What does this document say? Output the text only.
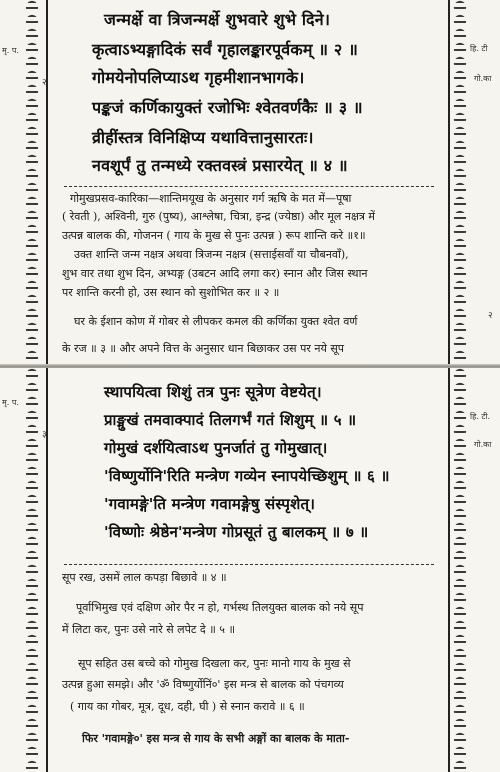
मृ. प.
२
हि. टी
गो.का
२
जन्मर्क्षे वा त्रिजन्मर्क्षे शुभवारे शुभे दिने।
कृत्वाऽभ्यङ्गादिकं सर्वं गृहालङ्कारपूर्वकम् ॥ २ ॥
गोमयेनोपलिप्याऽथ गृहमीशानभागके।
पङ्कजं कर्णिकायुक्तं रजोभिः श्वेतवर्णकैः ॥ ३ ॥
व्रीहींस्तत्र विनिक्षिप्य यथावित्तानुसारतः।
नवशूर्पं तु तन्मध्ये रक्तवस्त्रं प्रसारयेत् ॥ ४ ॥
गोमुखप्रसव-कारिका—शान्तिमयूख के अनुसार गर्ग ऋषि के मत में—पूषा
( रेवती ), अश्विनी, गुरु (पुष्य), आश्लेषा, चित्रा, इन्द्र (ज्येष्ठा) और मूल नक्षत्र में
उत्पन्न बालक की, गोजनन ( गाय के मुख से पुनः उत्पन्न ) रूप शान्ति करे ॥१॥
उक्त शान्ति जन्म नक्षत्र अथवा त्रिजन्म नक्षत्र (सत्ताईसवाँ या चौबनवाँ),
शुभ वार तथा शुभ दिन, अभ्यङ्ग (उबटन आदि लगा कर) स्नान और जिस स्थान
पर शान्ति करनी हो, उस स्थान को सुशोभित कर ॥ २ ॥
घर के ईशान कोण में गोबर से लीपकर कमल की कर्णिका युक्त श्वेत वर्ण
के रज ॥ ३ ॥ और अपने वित्त के अनुसार धान बिछाकर उस पर नये सूप
मृ. प.
३
हि. टी.
गो.का
स्थापयित्वा शिशुं तत्र पुनः सूत्रेण वेष्टयेत्।
प्राङ्मुखं तमवाक्पादं तिलगर्भं गतं शिशुम् ॥ ५ ॥
गोमुखं दर्शयित्वाऽथ पुनर्जातं तु गोमुखात्।
'विष्णुर्योनि'रिति मन्त्रेण गव्येन स्नापयेच्छिशुम् ॥ ६ ॥
'गवामङ्गे'ति मन्त्रेण गवामङ्गेषु संस्पृशेत्।
'विष्णोः श्रेष्ठेन'मन्त्रेण गोप्रसूतं तु बालकम् ॥ ७ ॥
सूप रख, उसमें लाल कपड़ा बिछावे ॥ ४ ॥
पूर्वाभिमुख एवं दक्षिण ओर पैर न हो, गर्भस्थ तिलयुक्त बालक को नये सूप
में लिटा कर, पुनः उसे नारे से लपेट दे ॥ ५ ॥
सूप सहित उस बच्चे को गोमुख दिखला कर, पुनः मानो गाय के मुख से
उत्पन्न हुआ समझे। और 'ॐ विष्णुर्योनिं०' इस मन्त्र से बालक को पंचगव्य
( गाय का गोबर, मूत्र, दूध, दही, घी ) से स्नान करावे ॥ ६ ॥
फिर 'गवामङ्गे०' इस मन्त्र से गाय के सभी अङ्गों का बालक के माता-
